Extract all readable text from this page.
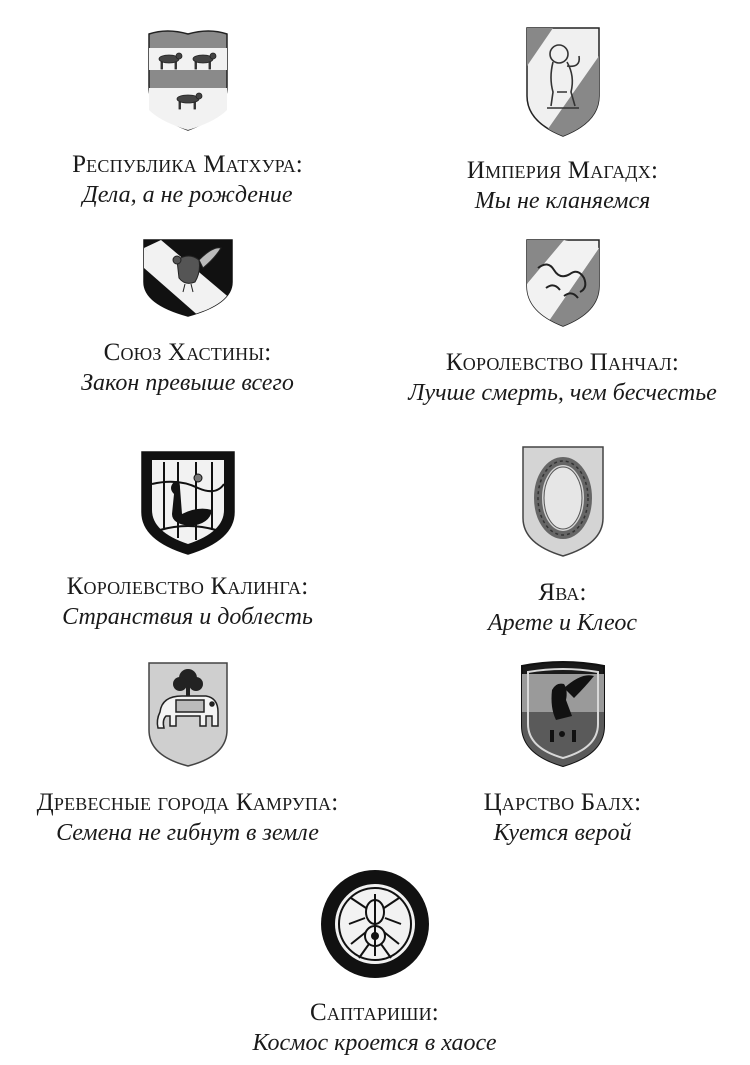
Республика Матхура:
Дела, а не рождение
Империя Магадх:
Мы не кланяемся
Союз Хастины:
Закон превыше всего
Королевство Панчал:
Лучше смерть, чем бесчестье
Королевство Калинга:
Странствия и доблесть
Ява:
Арете и Клеос
Древесные города Камрупа:
Семена не гибнут в земле
Царство Балх:
Куется верой
Саптариши:
Космос кроется в хаосе
